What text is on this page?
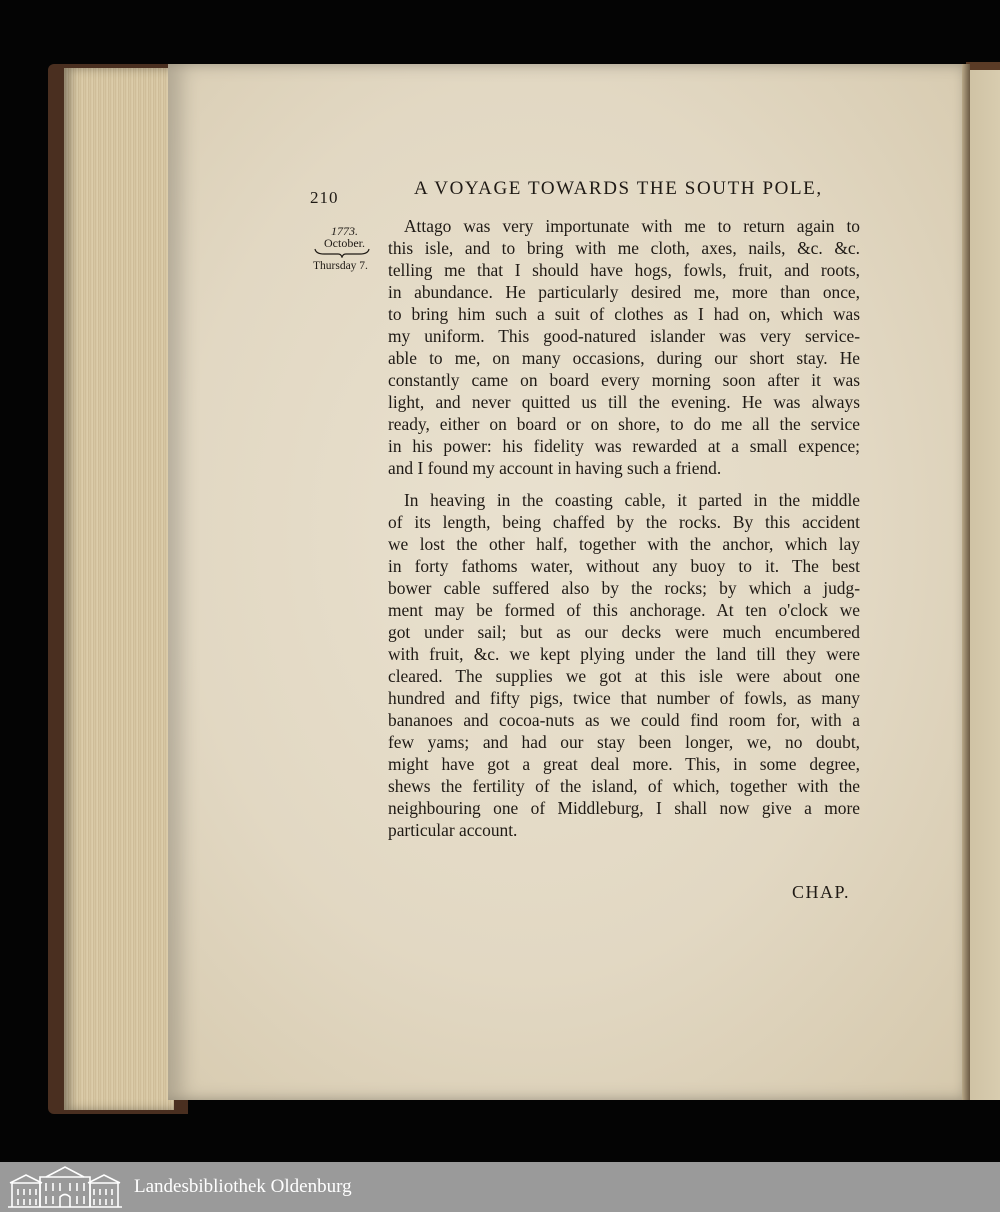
210	A VOYAGE TOWARDS THE SOUTH POLE,
1773.
October.
Thursday 7.
Attago was very importunate with me to return again to
this isle, and to bring with me cloth, axes, nails, &c. &c.
telling me that I should have hogs, fowls, fruit, and roots,
in abundance. He particularly desired me, more than once,
to bring him such a suit of clothes as I had on, which was
my uniform. This good-natured islander was very service-
able to me, on many occasions, during our short stay. He
constantly came on board every morning soon after it was
light, and never quitted us till the evening. He was always
ready, either on board or on shore, to do me all the service
in his power: his fidelity was rewarded at a small expence;
and I found my account in having such a friend.
In heaving in the coasting cable, it parted in the middle
of its length, being chaffed by the rocks. By this accident
we lost the other half, together with the anchor, which lay
in forty fathoms water, without any buoy to it. The best
bower cable suffered also by the rocks; by which a judg-
ment may be formed of this anchorage. At ten o'clock we
got under sail; but as our decks were much encumbered
with fruit, &c. we kept plying under the land till they were
cleared. The supplies we got at this isle were about one
hundred and fifty pigs, twice that number of fowls, as many
bananoes and cocoa-nuts as we could find room for, with a
few yams; and had our stay been longer, we, no doubt,
might have got a great deal more. This, in some degree,
shews the fertility of the island, of which, together with the
neighbouring one of Middleburg, I shall now give a more
particular account.
CHAP.
Landesbibliothek Oldenburg
